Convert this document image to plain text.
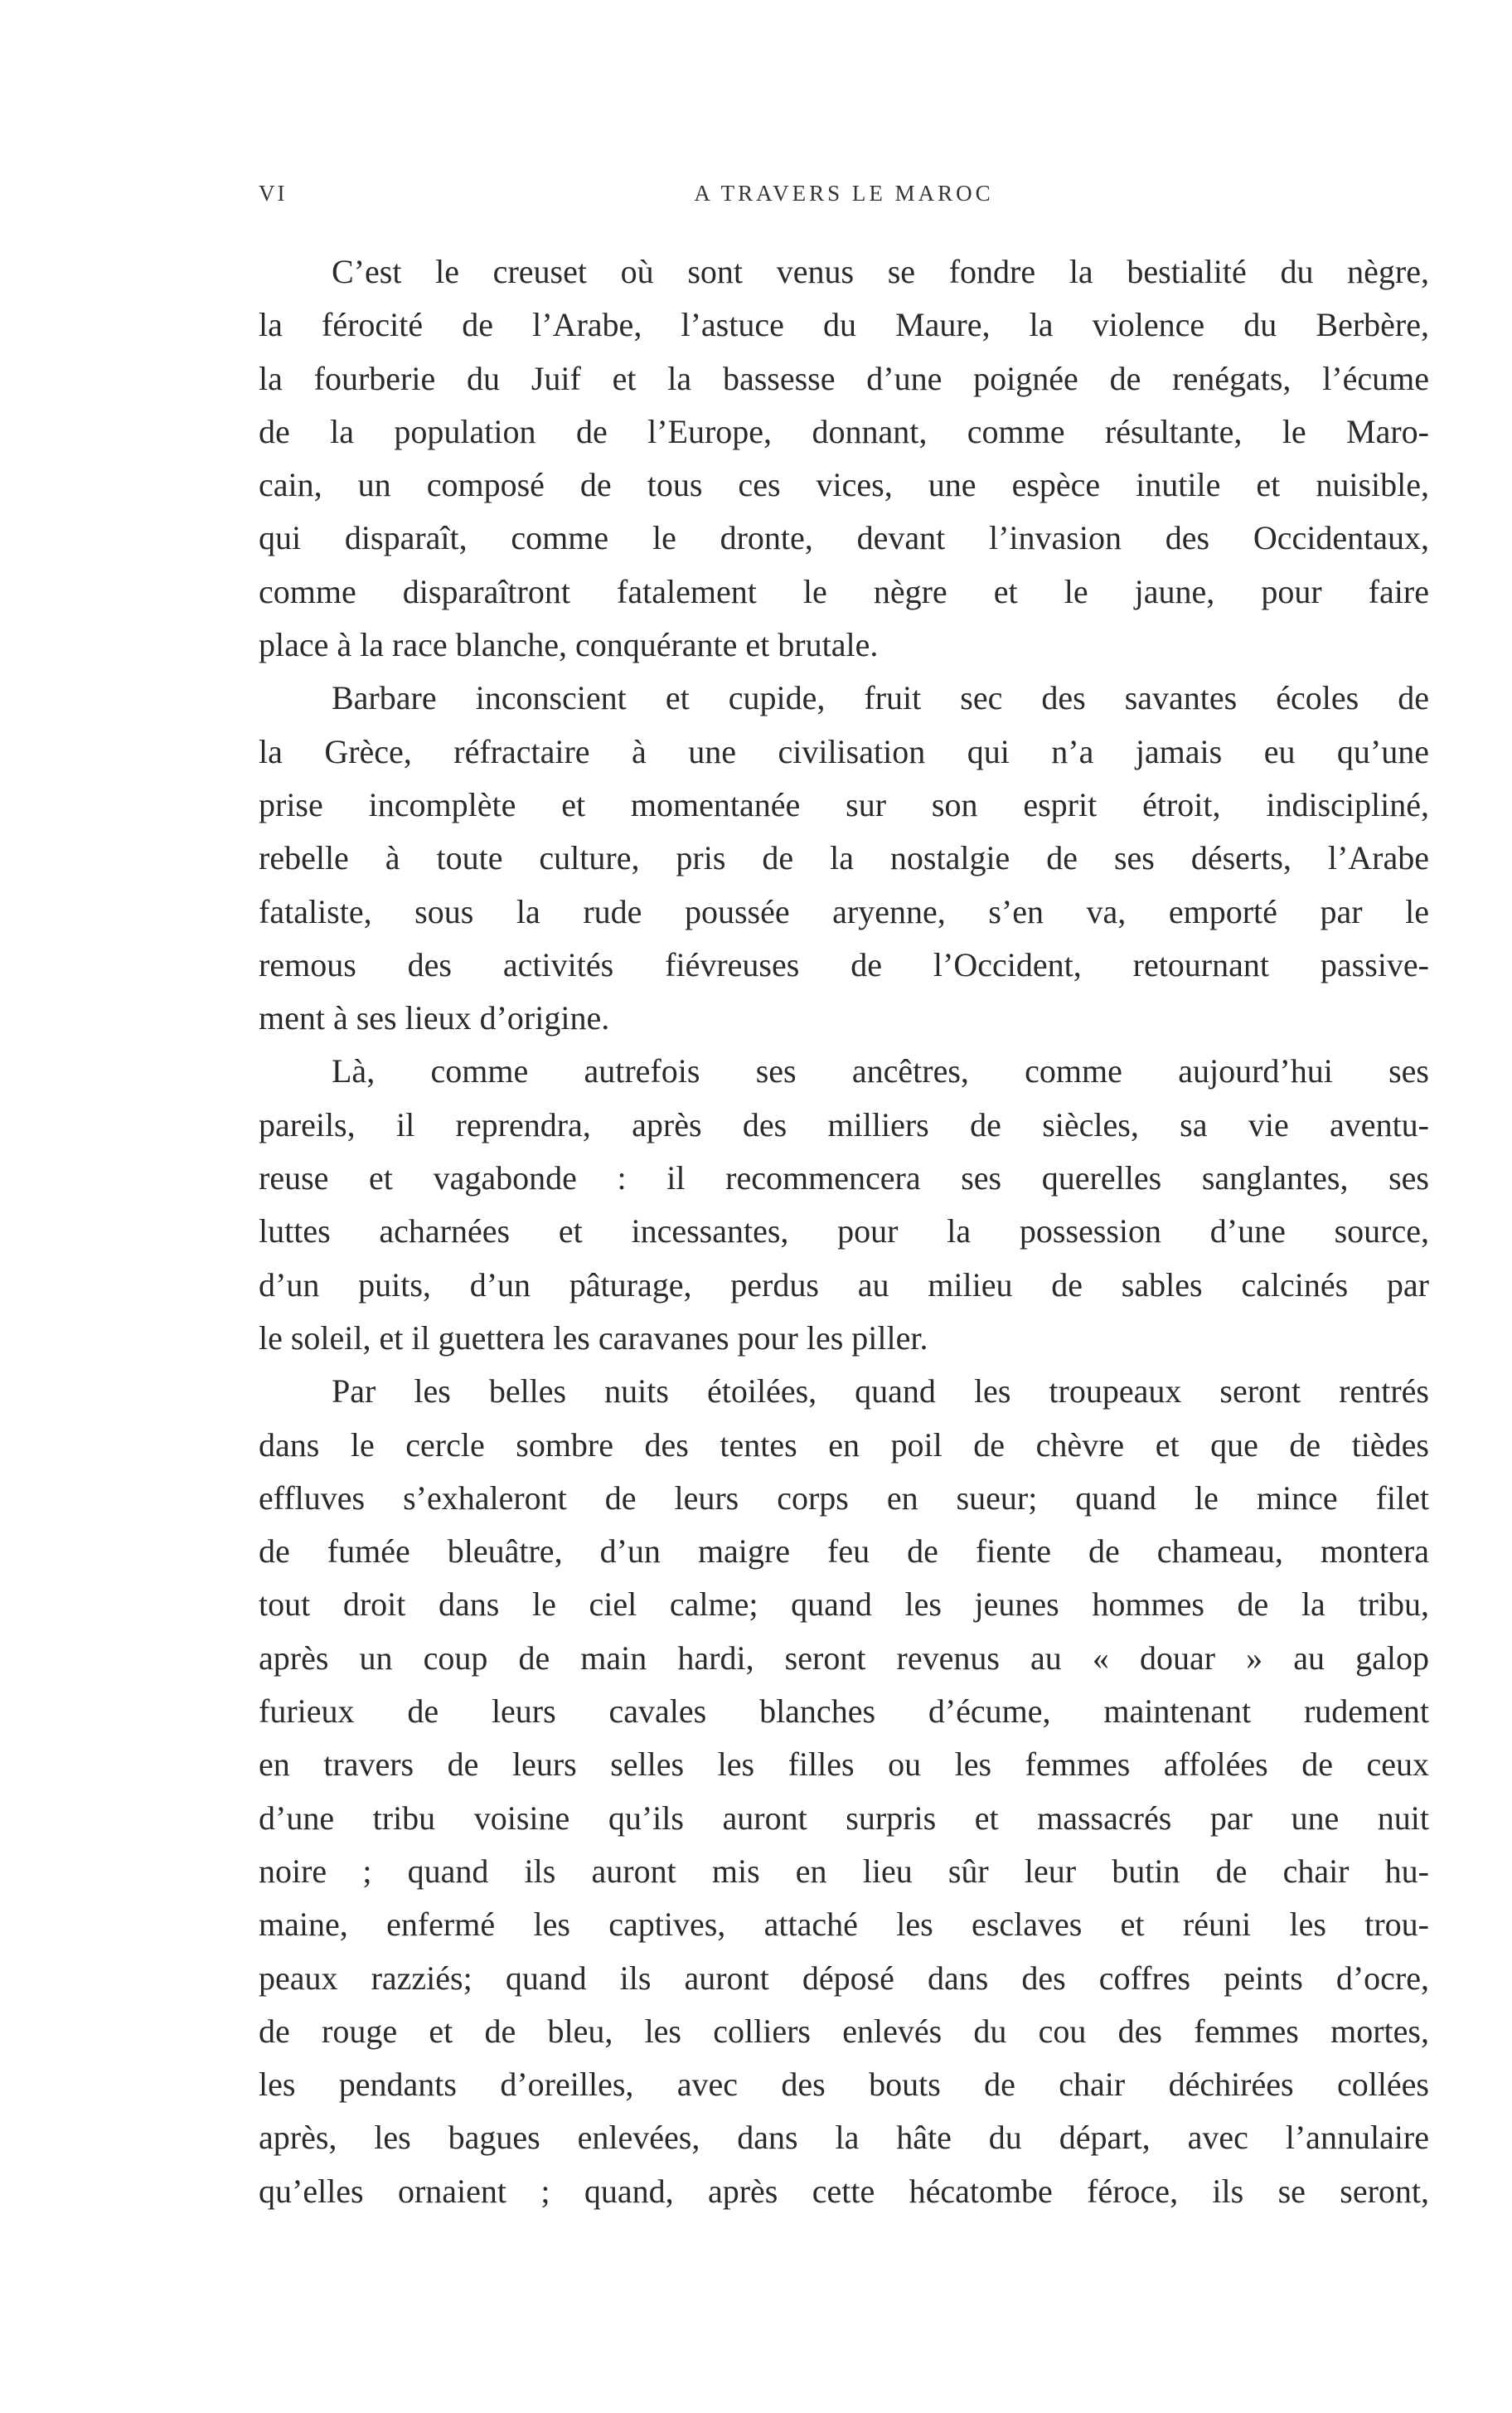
VI	A TRAVERS LE MAROC
C’est le creuset où sont venus se fondre la bestialité du nègre,
la férocité de l’Arabe, l’astuce du Maure, la violence du Berbère,
la fourberie du Juif et la bassesse d’une poignée de renégats, l’écume
de la population de l’Europe, donnant, comme résultante, le Maro-
cain, un composé de tous ces vices, une espèce inutile et nuisible,
qui disparaît, comme le dronte, devant l’invasion des Occidentaux,
comme disparaîtront fatalement le nègre et le jaune, pour faire
place à la race blanche, conquérante et brutale.
Barbare inconscient et cupide, fruit sec des savantes écoles de
la Grèce, réfractaire à une civilisation qui n’a jamais eu qu’une
prise incomplète et momentanée sur son esprit étroit, indiscipliné,
rebelle à toute culture, pris de la nostalgie de ses déserts, l’Arabe
fataliste, sous la rude poussée aryenne, s’en va, emporté par le
remous des activités fiévreuses de l’Occident, retournant passive-
ment à ses lieux d’origine.
Là, comme autrefois ses ancêtres, comme aujourd’hui ses
pareils, il reprendra, après des milliers de siècles, sa vie aventu-
reuse et vagabonde : il recommencera ses querelles sanglantes, ses
luttes acharnées et incessantes, pour la possession d’une source,
d’un puits, d’un pâturage, perdus au milieu de sables calcinés par
le soleil, et il guettera les caravanes pour les piller.
Par les belles nuits étoilées, quand les troupeaux seront rentrés
dans le cercle sombre des tentes en poil de chèvre et que de tièdes
effluves s’exhaleront de leurs corps en sueur; quand le mince filet
de fumée bleuâtre, d’un maigre feu de fiente de chameau, montera
tout droit dans le ciel calme; quand les jeunes hommes de la tribu,
après un coup de main hardi, seront revenus au « douar » au galop
furieux de leurs cavales blanches d’écume, maintenant rudement
en travers de leurs selles les filles ou les femmes affolées de ceux
d’une tribu voisine qu’ils auront surpris et massacrés par une nuit
noire ; quand ils auront mis en lieu sûr leur butin de chair hu-
maine, enfermé les captives, attaché les esclaves et réuni les trou-
peaux razziés; quand ils auront déposé dans des coffres peints d’ocre,
de rouge et de bleu, les colliers enlevés du cou des femmes mortes,
les pendants d’oreilles, avec des bouts de chair déchirées collées
après, les bagues enlevées, dans la hâte du départ, avec l’annulaire
qu’elles ornaient ; quand, après cette hécatombe féroce, ils se seront,
